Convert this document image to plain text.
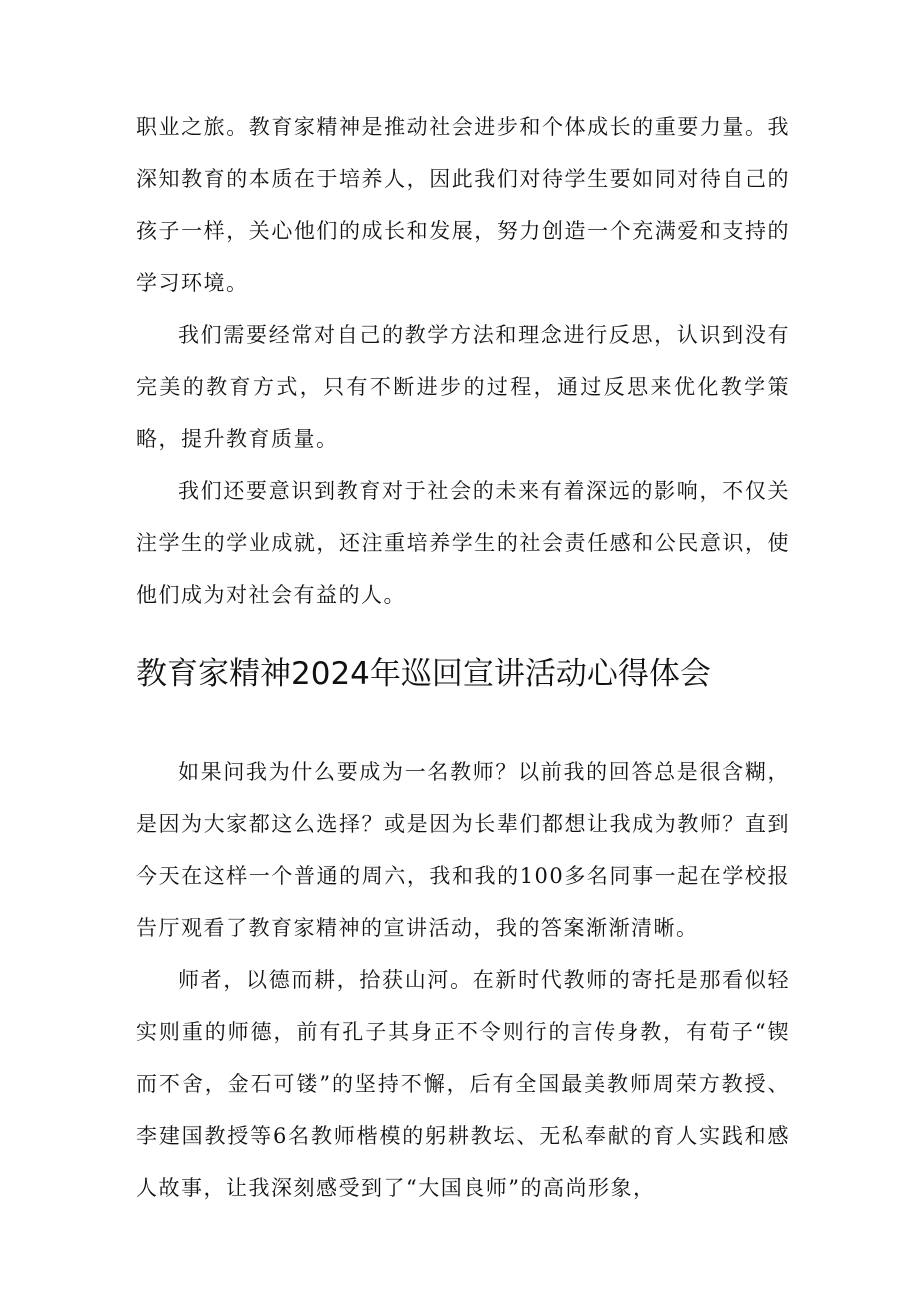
职业之旅。教育家精神是推动社会进步和个体成长的重要力量。我深知教育的本质在于培养人，因此我们对待学生要如同对待自己的孩子一样，关心他们的成长和发展，努力创造一个充满爱和支持的学习环境。

我们需要经常对自己的教学方法和理念进行反思，认识到没有完美的教育方式，只有不断进步的过程，通过反思来优化教学策略，提升教育质量。

我们还要意识到教育对于社会的未来有着深远的影响，不仅关注学生的学业成就，还注重培养学生的社会责任感和公民意识，使他们成为对社会有益的人。

教育家精神2024年巡回宣讲活动心得体会

如果问我为什么要成为一名教师？以前我的回答总是很含糊，是因为大家都这么选择？或是因为长辈们都想让我成为教师？直到今天在这样一个普通的周六，我和我的100多名同事一起在学校报告厅观看了教育家精神的宣讲活动，我的答案渐渐清晰。

师者，以德而耕，拾获山河。在新时代教师的寄托是那看似轻实则重的师德，前有孔子其身正不令则行的言传身教，有荀子“锲而不舍，金石可镂”的坚持不懈，后有全国最美教师周荣方教授、李建国教授等6名教师楷模的躬耕教坛、无私奉献的育人实践和感人故事，让我深刻感受到了“大国良师”的高尚形象，
